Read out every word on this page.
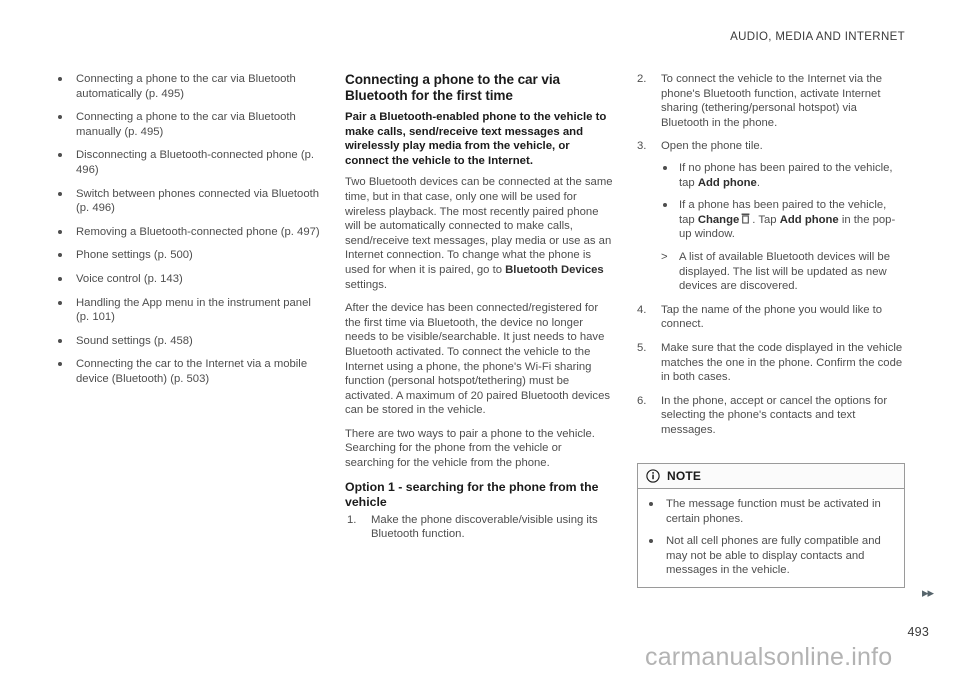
AUDIO, MEDIA AND INTERNET
Connecting a phone to the car via Bluetooth automatically (p. 495)
Connecting a phone to the car via Bluetooth manually (p. 495)
Disconnecting a Bluetooth-connected phone (p. 496)
Switch between phones connected via Bluetooth (p. 496)
Removing a Bluetooth-connected phone (p. 497)
Phone settings (p. 500)
Voice control (p. 143)
Handling the App menu in the instrument panel (p. 101)
Sound settings (p. 458)
Connecting the car to the Internet via a mobile device (Bluetooth) (p. 503)
Connecting a phone to the car via Bluetooth for the first time

Pair a Bluetooth-enabled phone to the vehicle to make calls, send/receive text messages and wirelessly play media from the vehicle, or connect the vehicle to the Internet.

Two Bluetooth devices can be connected at the same time, but in that case, only one will be used for wireless playback. The most recently paired phone will be automatically connected to make calls, send/receive text messages, play media or use as an Internet connection. To change what the phone is used for when it is paired, go to Bluetooth Devices settings.

After the device has been connected/registered for the first time via Bluetooth, the device no longer needs to be visible/searchable. It just needs to have Bluetooth activated. To connect the vehicle to the Internet using a phone, the phone's Wi-Fi sharing function (personal hotspot/tethering) must be activated. A maximum of 20 paired Bluetooth devices can be stored in the vehicle.

There are two ways to pair a phone to the vehicle. Searching for the phone from the vehicle or searching for the vehicle from the phone.

Option 1 - searching for the phone from the vehicle
1.	Make the phone discoverable/visible using its Bluetooth function.
2.	To connect the vehicle to the Internet via the phone's Bluetooth function, activate Internet sharing (tethering/personal hotspot) via Bluetooth in the phone.
3.	Open the phone tile.
If no phone has been paired to the vehicle, tap Add phone.
If a phone has been paired to the vehicle, tap Change . Tap Add phone in the pop-up window.
> A list of available Bluetooth devices will be displayed. The list will be updated as new devices are discovered.
4.	Tap the name of the phone you would like to connect.
5.	Make sure that the code displayed in the vehicle matches the one in the phone. Confirm the code in both cases.
6.	In the phone, accept or cancel the options for selecting the phone's contacts and text messages.
NOTE
The message function must be activated in certain phones.
Not all cell phones are fully compatible and may not be able to display contacts and messages in the vehicle.
▸▸
493
carmanualsonline.info
